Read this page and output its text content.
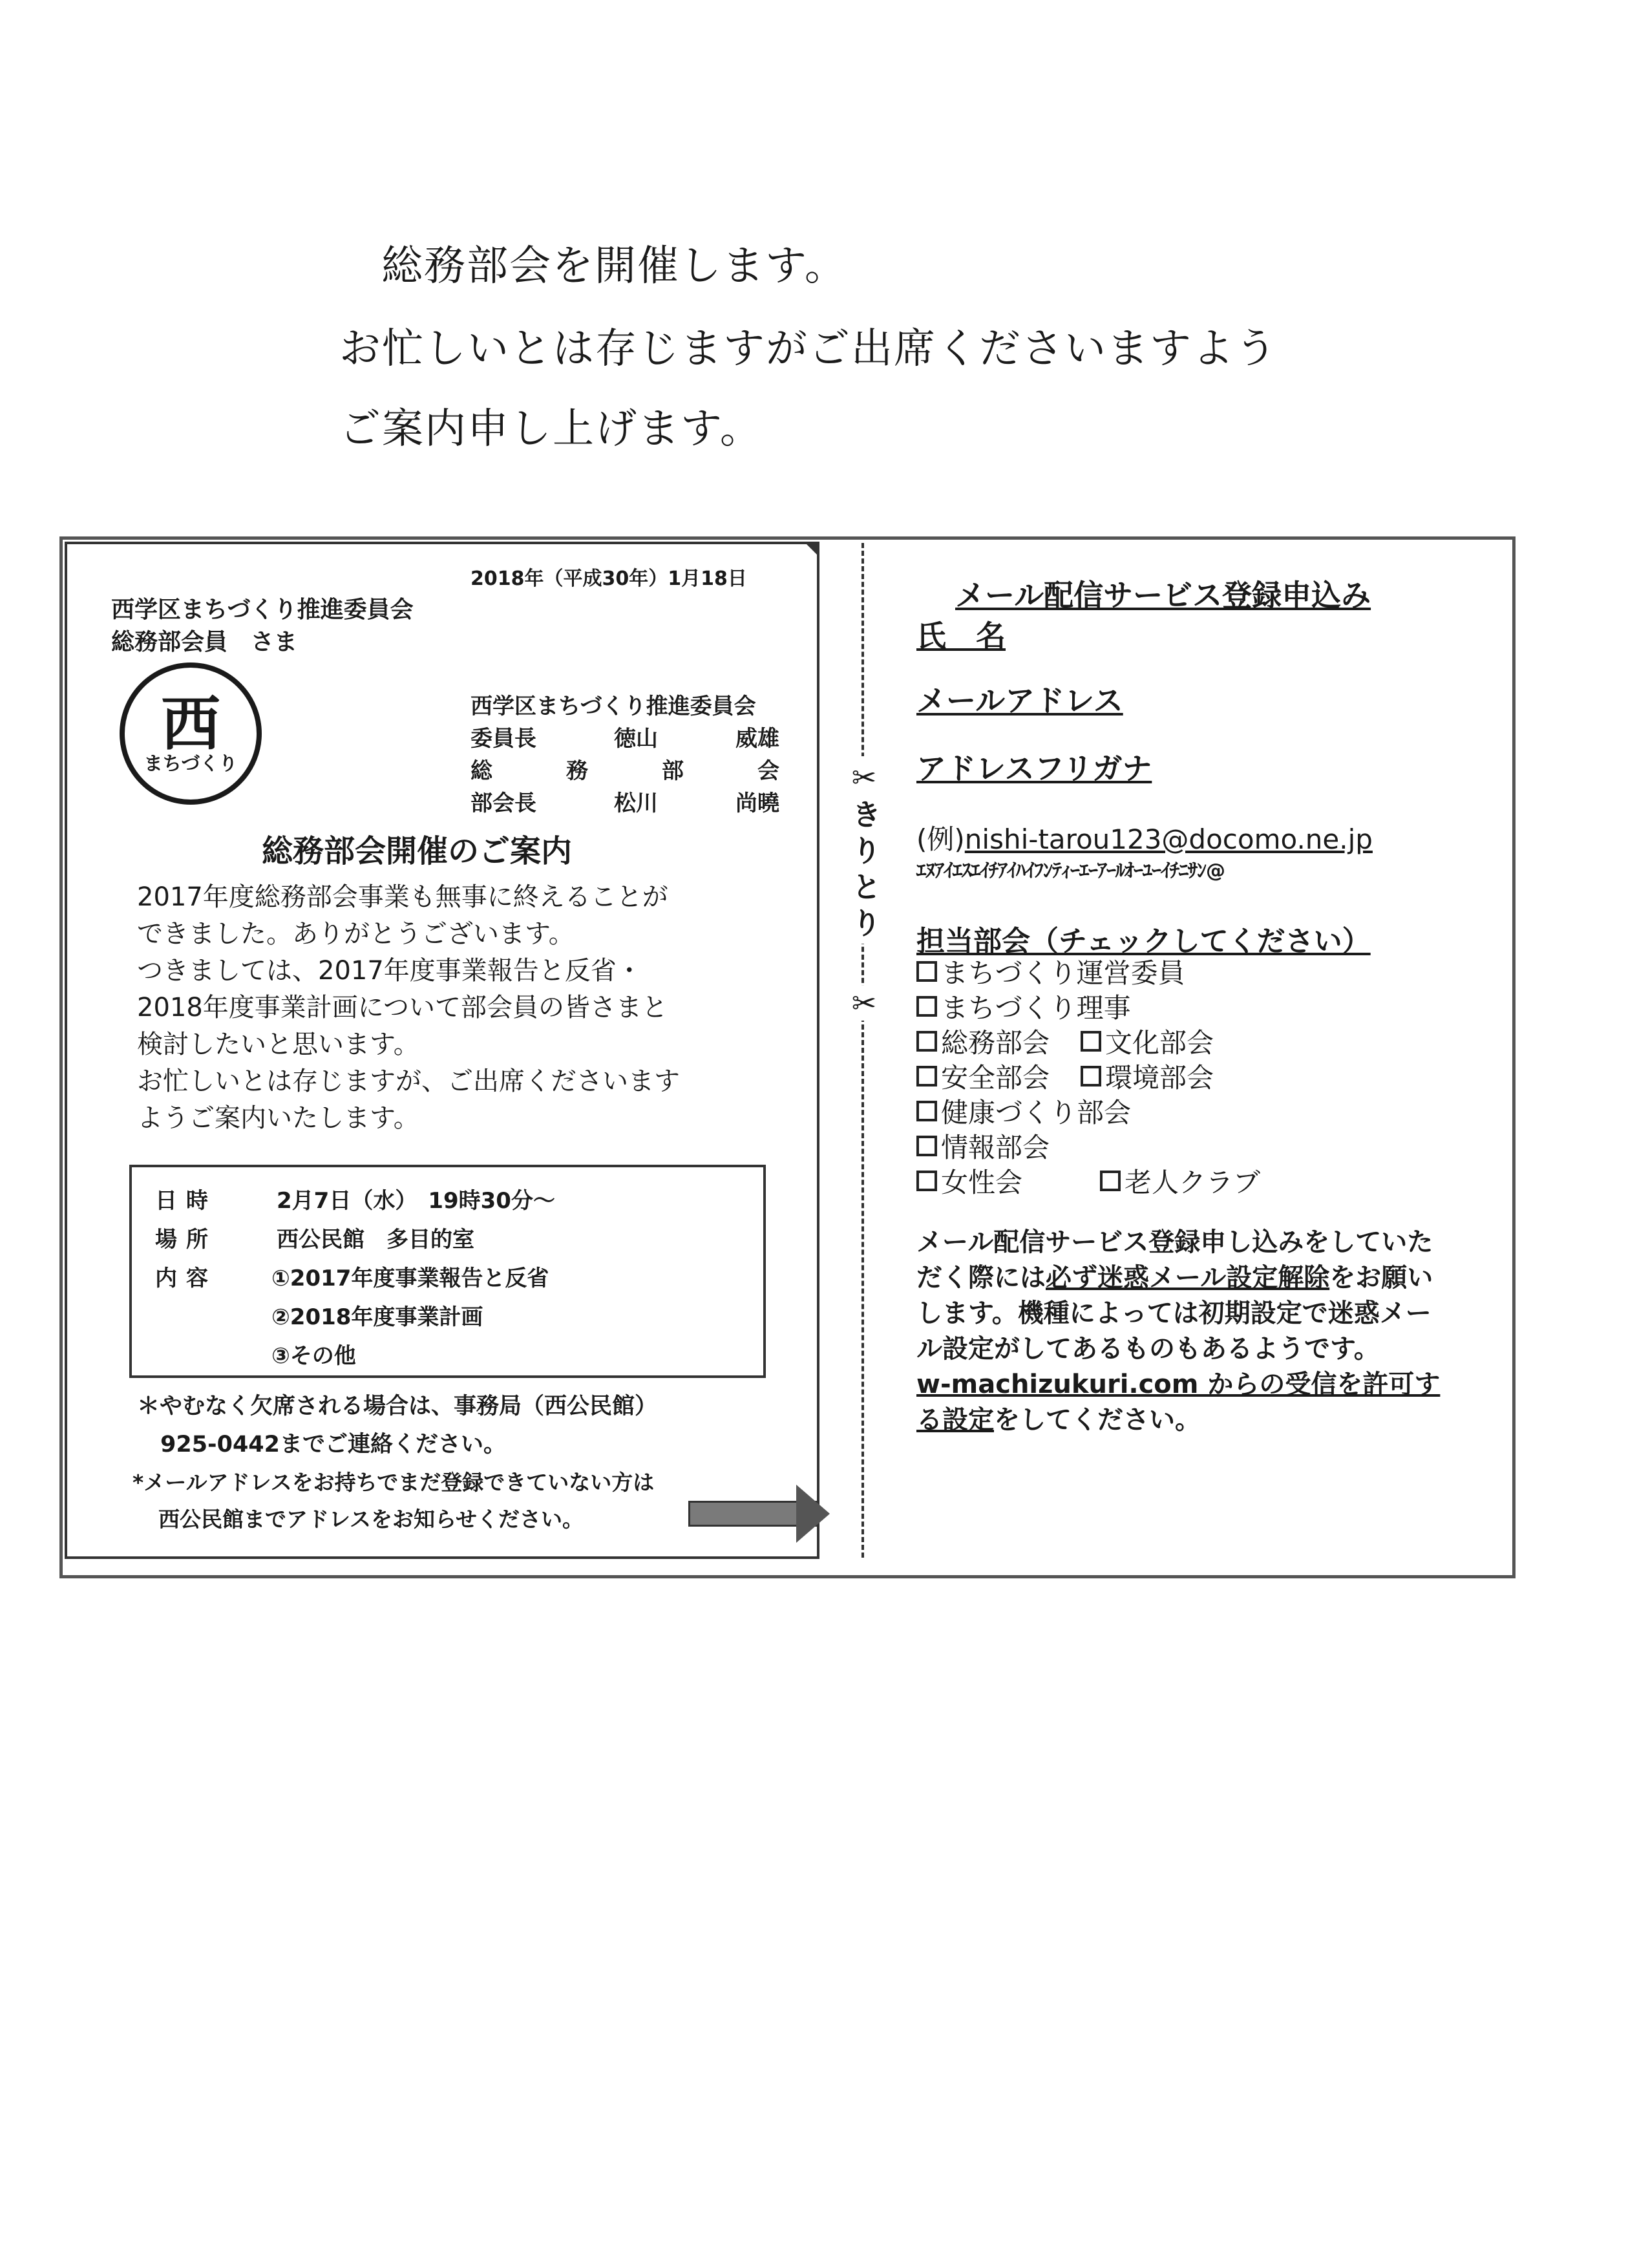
総務部会を開催します。
お忙しいとは存じますがご出席くださいますよう
ご案内申し上げます。
2018年（平成30年）1月18日
西学区まちづくり推進委員会
総務部会員　さま
西
まちづくり
西学区まちづくり推進委員会
委員長	徳山	威雄
総	務	部	会
部会長	松川	尚曉
総務部会開催のご案内
2017年度総務部会事業も無事に終えることが
できました。ありがとうございます。
つきましては、2017年度事業報告と反省・
2018年度事業計画について部会員の皆さまと
検討したいと思います。
お忙しいとは存じますが、ご出席くださいます
ようご案内いたします。
日時	2月7日（水）　19時30分〜
場所	西公民館　多目的室
内容 ①2017年度事業報告と反省
②2018年度事業計画
③その他
＊やむなく欠席される場合は、事務局（西公民館）
925-0442までご連絡ください。
*メールアドレスをお持ちでまだ登録できていない方は
西公民館までアドレスをお知らせください。
✂
きりとり
✂
メール配信サービス登録申込み
氏　名
メールアドレス
アドレスフリガナ
(例)nishi-tarou123@docomo.ne.jp
ｴﾇｱｲｴｽｴｲﾁｱｲﾊｲﾌﾝﾃｨｰｴｰｱｰﾙｵｰﾕｰｲﾁﾆｻﾝ@
担当部会（チェックしてください）
まちづくり運営委員
まちづくり理事
総務部会 文化部会
安全部会 環境部会
健康づくり部会
情報部会
女性会	老人クラブ
メール配信サービス登録申し込みをしていた
だく際には必ず迷惑メール設定解除をお願い
します。機種によっては初期設定で迷惑メー
ル設定がしてあるものもあるようです。
w-machizukuri.com からの受信を許可す
る設定をしてください。
